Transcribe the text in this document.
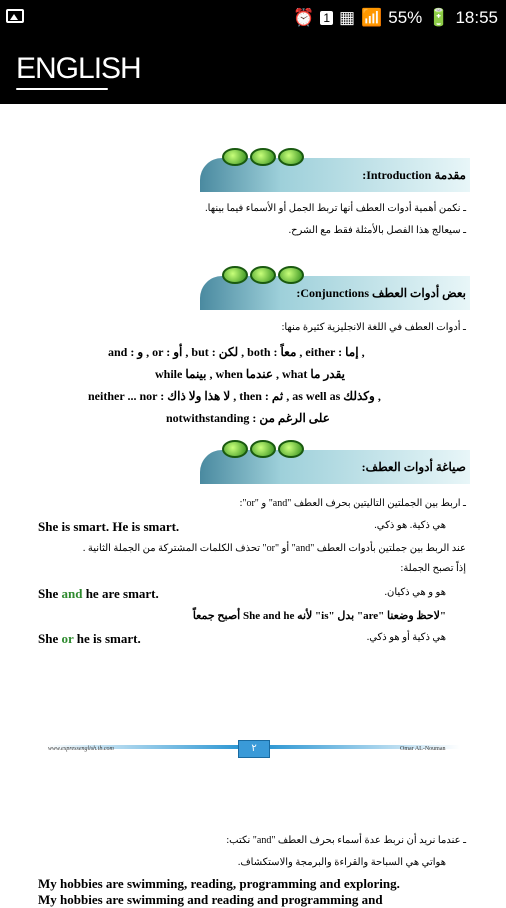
⏰ 1 ▦ 📶 55% 🔋 18:55
ENGLISH
مقدمة Introduction:
ـ نكمن أهمية أدوات العطف أنها تربط الجمل أو الأسماء فيما بينها.
ـ سيعالج هذا الفصل بالأمثلة فقط مع الشرح.
بعض أدوات العطف Conjunctions:
ـ أدوات العطف في اللغة الانجليزية كثيرة منها:
and : و , or : أو , but : لكن , both : معاً , either : إما ,
while بينما , when عندما , what يقدر ما
neither ... nor : لا هذا ولا ذاك , then : ثم , as well as وكذلك ,
notwithstanding : على الرغم من
صياغة أدوات العطف:
ـ اربط بين الجملتين التاليتين بحرف العطف "and" و "or":
هي ذكية. هو ذكي.
She is smart. He is smart.
عند الربط بين جملتين بأدوات العطف "and" أو "or" تحذف الكلمات المشتركة من الجملة الثانية .
إذاً تصبح الجملة:
هو و هي ذكيان.
She and he are smart.
"لاحظ وضعنا "are" بدل "is" لأنه She and he أصبح جمعاً
هي ذكية أو هو ذكي.
She or he is smart.
www.expressenglish.ib.com	٢	Omar AL-Nouman
ـ عندما نريد أن نربط عدة أسماء بحرف العطف "and" نكتب:
هواتي هي السباحة والقراءة والبرمجة والاستكشاف.
My hobbies are swimming, reading, programming and exploring.
My hobbies are swimming and reading and programming and
